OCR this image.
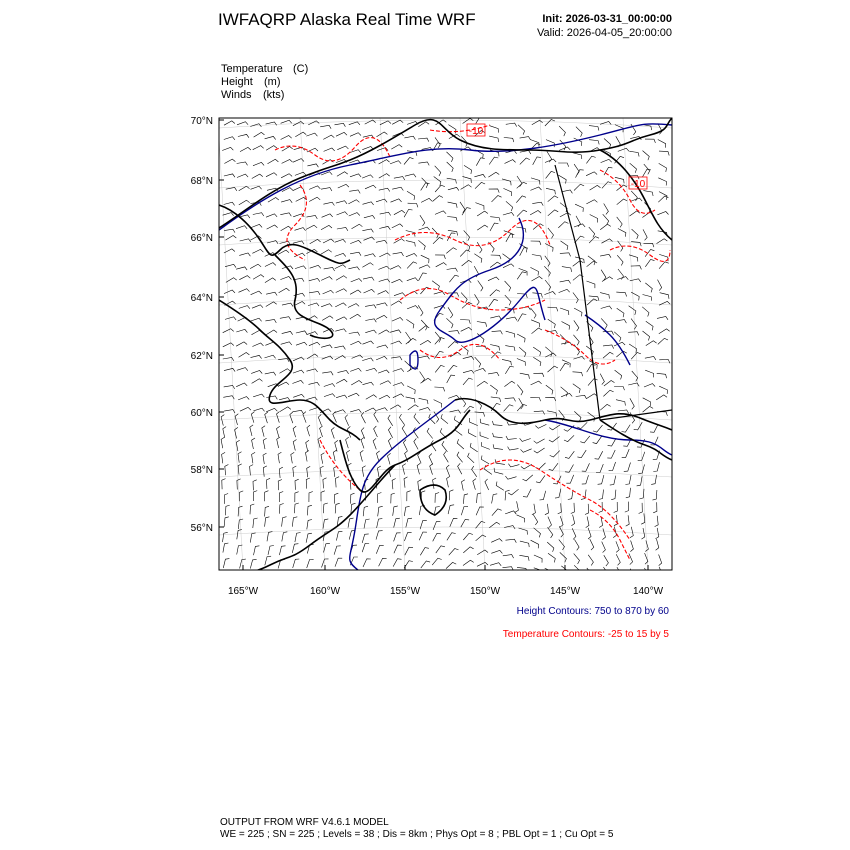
IWFAQRP Alaska Real Time WRF	Init: 2026-03-31_00:00:00
Valid: 2026-04-05_20:00:00
Temperature (C)
Height (m)
Winds (kts)
-10
-10
70°N
68°N
66°N
64°N
62°N
60°N
58°N
56°N
165°W	160°W	155°W	150°W	145°W	140°W
Height Contours: 750 to 870 by 60
Temperature Contours: -25 to 15 by 5
OUTPUT FROM WRF V4.6.1 MODEL
WE = 225 ; SN = 225 ; Levels = 38 ; Dis = 8km ; Phys Opt = 8 ; PBL Opt = 1 ; Cu Opt = 5
